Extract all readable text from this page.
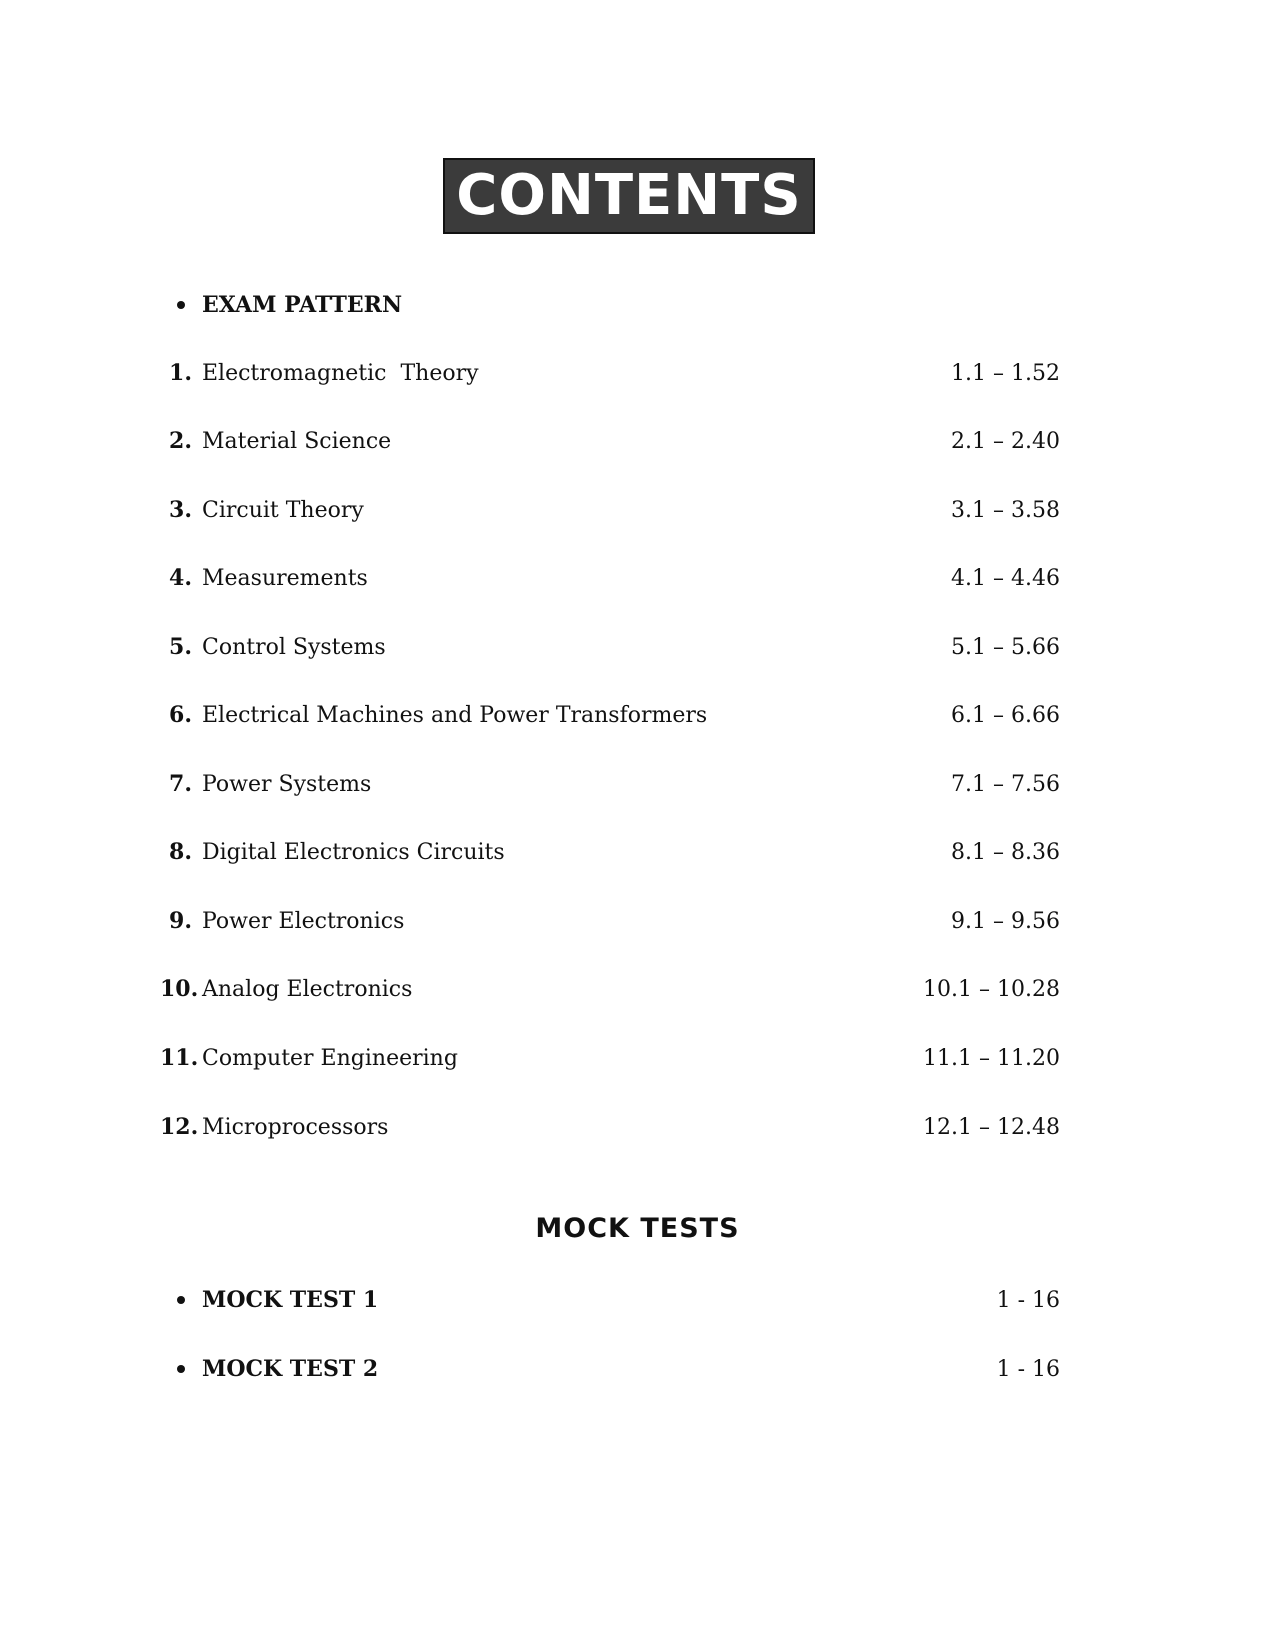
CONTENTS
EXAM PATTERN
1. Electromagnetic  Theory	1.1 – 1.52
2. Material Science	2.1 – 2.40
3. Circuit Theory	3.1 – 3.58
4. Measurements	4.1 – 4.46
5. Control Systems	5.1 – 5.66
6. Electrical Machines and Power Transformers	6.1 – 6.66
7. Power Systems	7.1 – 7.56
8. Digital Electronics Circuits	8.1 – 8.36
9. Power Electronics	9.1 – 9.56
10. Analog Electronics	10.1 – 10.28
11. Computer Engineering	11.1 – 11.20
12. Microprocessors	12.1 – 12.48
MOCK TESTS
MOCK TEST 1	1 - 16
MOCK TEST 2	1 - 16
